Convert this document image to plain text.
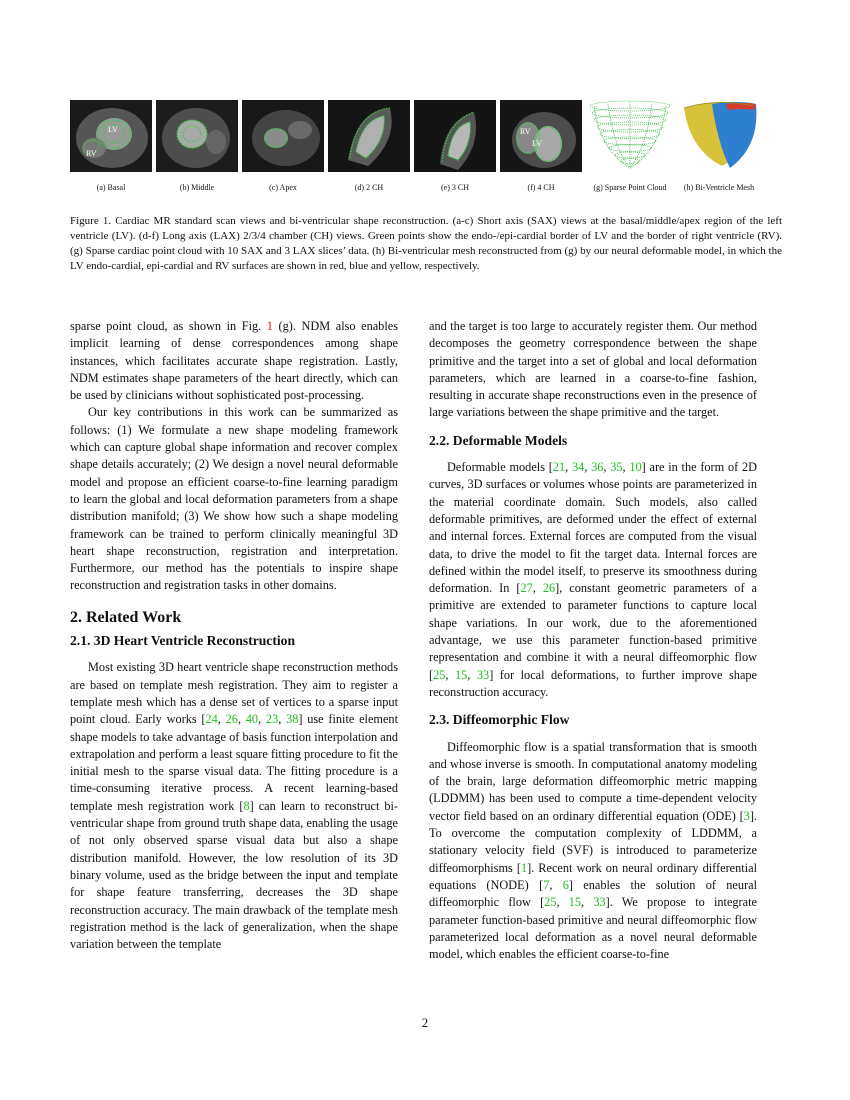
LV
RV
RV
LV
(a) Basal	(b) Middle	(c) Apex	(d) 2 CH	(e) 3 CH	(f) 4 CH	(g) Sparse Point Cloud	(h) Bi-Ventricle Mesh
Figure 1. Cardiac MR standard scan views and bi-ventricular shape reconstruction. (a-c) Short axis (SAX) views at the basal/middle/apex region of the left ventricle (LV). (d-f) Long axis (LAX) 2/3/4 chamber (CH) views. Green points show the endo-/epi-cardial border of LV and the border of right ventricle (RV). (g) Sparse cardiac point cloud with 10 SAX and 3 LAX slices’ data. (h) Bi-ventricular mesh reconstructed from (g) by our neural deformable model, in which the LV endo-cardial, epi-cardial and RV surfaces are shown in red, blue and yellow, respectively.

sparse point cloud, as shown in Fig. 1 (g). NDM also enables implicit learning of dense correspondences among shape instances, which facilitates accurate shape registration. Lastly, NDM estimates shape parameters of the heart directly, which can be used by clinicians without sophisticated post-processing.

Our key contributions in this work can be summarized as follows: (1) We formulate a new shape modeling framework which can capture global shape information and recover complex shape details accurately; (2) We design a novel neural deformable model and propose an efficient coarse-to-fine learning paradigm to learn the global and local deformation parameters from a shape distribution manifold; (3) We show how such a shape modeling framework can be trained to perform clinically meaningful 3D heart shape reconstruction, registration and interpretation. Furthermore, our method has the potentials to inspire shape reconstruction and registration tasks in other domains.

2. Related Work
2.1. 3D Heart Ventricle Reconstruction

Most existing 3D heart ventricle shape reconstruction methods are based on template mesh registration. They aim to register a template mesh which has a dense set of vertices to a sparse input point cloud. Early works [24, 26, 40, 23, 38] use finite element shape models to take advantage of basis function interpolation and extrapolation and perform a least square fitting procedure to fit the initial mesh to the sparse visual data. The fitting procedure is a time-consuming iterative process. A recent learning-based template mesh registration work [8] can learn to reconstruct bi-ventricular shape from ground truth shape data, enabling the usage of not only observed sparse visual data but also a shape distribution manifold. However, the low resolution of its 3D binary volume, used as the bridge between the input and template for shape feature transferring, decreases the 3D shape reconstruction accuracy. The main drawback of the template mesh registration method is the lack of generalization, when the shape variation between the template

and the target is too large to accurately register them. Our method decomposes the geometry correspondence between the shape primitive and the target into a set of global and local deformation parameters, which are learned in a coarse-to-fine fashion, resulting in accurate shape reconstructions even in the presence of large variations between the shape primitive and the target.

2.2. Deformable Models

Deformable models [21, 34, 36, 35, 10] are in the form of 2D curves, 3D surfaces or volumes whose points are parameterized in the material coordinate domain. Such models, also called deformable primitives, are deformed under the effect of external and internal forces. External forces are computed from the visual data, to drive the model to fit the target data. Internal forces are defined within the model itself, to preserve its smoothness during deformation. In [27, 26], constant geometric parameters of a primitive are extended to parameter functions to capture local shape variations. In our work, due to the aforementioned advantage, we use this parameter function-based primitive representation and combine it with a neural diffeomorphic flow [25, 15, 33] for local deformations, to further improve shape reconstruction accuracy.

2.3. Diffeomorphic Flow

Diffeomorphic flow is a spatial transformation that is smooth and whose inverse is smooth. In computational anatomy modeling of the brain, large deformation diffeomorphic metric mapping (LDDMM) has been used to compute a time-dependent velocity vector field based on an ordinary differential equation (ODE) [3]. To overcome the computation complexity of LDDMM, a stationary velocity field (SVF) is introduced to parameterize diffeomorphisms [1]. Recent work on neural ordinary differential equations (NODE) [7, 6] enables the solution of neural diffeomorphic flow [25, 15, 33]. We propose to integrate parameter function-based primitive and neural diffeomorphic flow parameterized local deformation as a novel neural deformable model, which enables the efficient coarse-to-fine

2
